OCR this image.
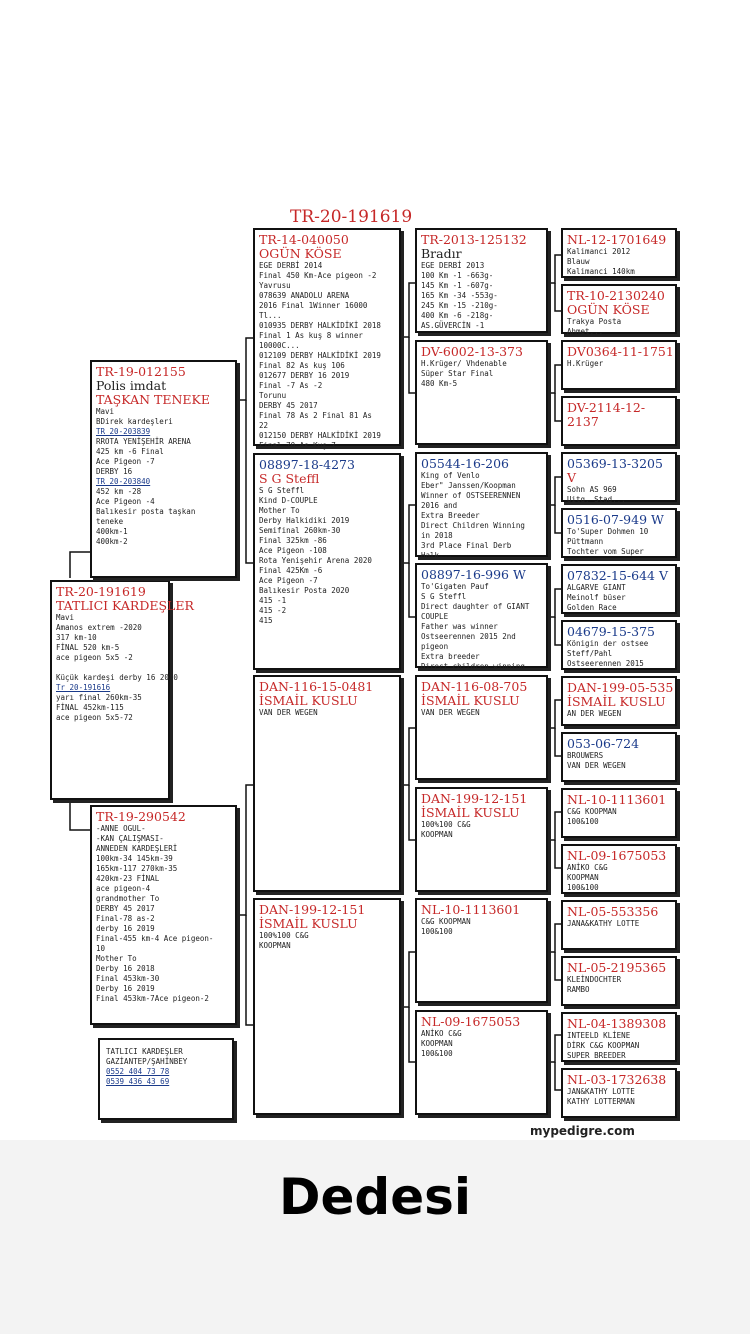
TR-20-191619
TR-20-191619
TATLICI KARDEŞLER
Mavi
Amanos extrem -2020
317 km-10
FİNAL 520 km-5
ace pigeon 5x5 -2

Küçük kardeşi derby 16 2020
Tr 20-191616
yarı final 260km-35
FİNAL 452km-115
ace pigeon 5x5-72
TR-19-012155
Polis imdat
TAŞKAN TENEKE
Mavi
BDirek kardeşleri
TR 20-203839
RROTA YENİŞEHİR ARENA
425 km -6 Final
Ace Pigeon -7
DERBY 16
TR 20-203840
452 km -28
Ace Pigeon -4
Balıkesir posta taşkan
teneke
400km-1
400km-2
TR-19-290542
-ANNE OGUL-
-KAN ÇALIŞMASI-
ANNEDEN KARDEŞLERİ
100km-34 145km-39
165km-117 270km-35
420km-23 FİNAL
ace pigeon-4
grandmother To
DERBY 45 2017
Final-78 as-2
derby 16 2019
Final-455 km-4 Ace pigeon-
10
Mother To
Derby 16 2018
Final 453km-30
Derby 16 2019
Final 453km-7Ace pigeon-2
TR-14-040050
OGÜN KÖSE
EGE DERBİ 2014
Final 450 Km-Ace pigeon -2
Yavrusu
078639 ANADOLU ARENA
2016 Final 1Winner 16000
Tl...
010935 DERBY HALKİDİKİ 2018
Final 1 As kuş 8 winner
10000C...
012109 DERBY HALKİDİKİ 2019
Final 82 As kuş 106
012677 DERBY 16 2019
Final -7 As -2
Torunu
DERBY 45 2017
Final 78 As 2 Final 81 As
22
012150 DERBY HALKİDİKİ 2019
Final 70 As Kuş 7
08897-18-4273
S G Steffl
S G Steffl
Kind D-COUPLE
Mother To
Derby Halkidiki 2019
Semifinal 260km-30
Final 325km -86
Ace Pigeon -108
Rota Yenişehir Arena 2020
Final 425Km -6
Ace Pigeon -7
Balıkesir Posta 2020
415 -1
415 -2
415
DAN-116-15-0481
İSMAİL KUSLU
VAN DER WEGEN
DAN-199-12-151
İSMAİL KUSLU
100%100 C&G
KOOPMAN
TR-2013-125132
Bradır
EGE DERBİ 2013
100 Km -1 -663g-
145 Km -1 -607g-
165 Km -34 -553g-
245 Km -15 -210g-
400 Km -6 -218g-
AS.GÜVERCİN -1
DV-6002-13-373
H.Krüger/ Vhdenable
Süper Star Final
480 Km-5
05544-16-206
King of Venlo
Eber" Janssen/Koopman
Winner of OSTSEERENNEN
2016 and
Extra Breeder
Direct Children Winning
in 2018
3rd Place Final Derb
Halk...
08897-16-996 W
To'Gigaten Pauf
S G Steffl
Direct daughter of GIANT
COUPLE
Father was winner
Ostseerennen 2015 2nd
pigeon
Extra breeder
Direct children winning
DAN-116-08-705
İSMAİL KUSLU
VAN DER WEGEN
DAN-199-12-151
İSMAİL KUSLU
100%100 C&G
KOOPMAN
NL-10-1113601
C&G KOOPMAN
100&100
NL-09-1675053
ANİKO C&G
KOOPMAN
100&100
NL-12-1701649
Kalimanci 2012
Blauw
Kalimanci 140km
TR-10-2130240
OGÜN KÖSE
Trakya Posta
Ahmet...
DV0364-11-1751
H.Krüger
DV-2114-12-
2137
05369-13-3205
V
Sohn AS 969
Uitg. Stad...
0516-07-949 W
To'Super Dohmen 10
Püttmann
Tochter vom Super
07832-15-644 V
ALGARVE GIANT
Meinolf büser
Golden Race
04679-15-375
Königin der ostsee
Steff/Pahl
Ostseerennen 2015
DAN-199-05-535
İSMAİL KUSLU
AN DER WEGEN
053-06-724
BROUWERS
VAN DER WEGEN
NL-10-1113601
C&G KOOPMAN
100&100
NL-09-1675053
ANİKO C&G
KOOPMAN
100&100
NL-05-553356
JANA&KATHY LOTTE
NL-05-2195365
KLEİNDOCHTER
RAMBO
NL-04-1389308
INTEELD KLİENE
DİRK C&G KOOPMAN
SUPER BREEDER
NL-03-1732638
JAN&KATHY LOTTE
KATHY LOTTERMAN
TATLICI KARDEŞLER
GAZİANTEP/ŞAHİNBEY
0552 404 73 78
0539 436 43 69
mypedigre.com
Dedesi
